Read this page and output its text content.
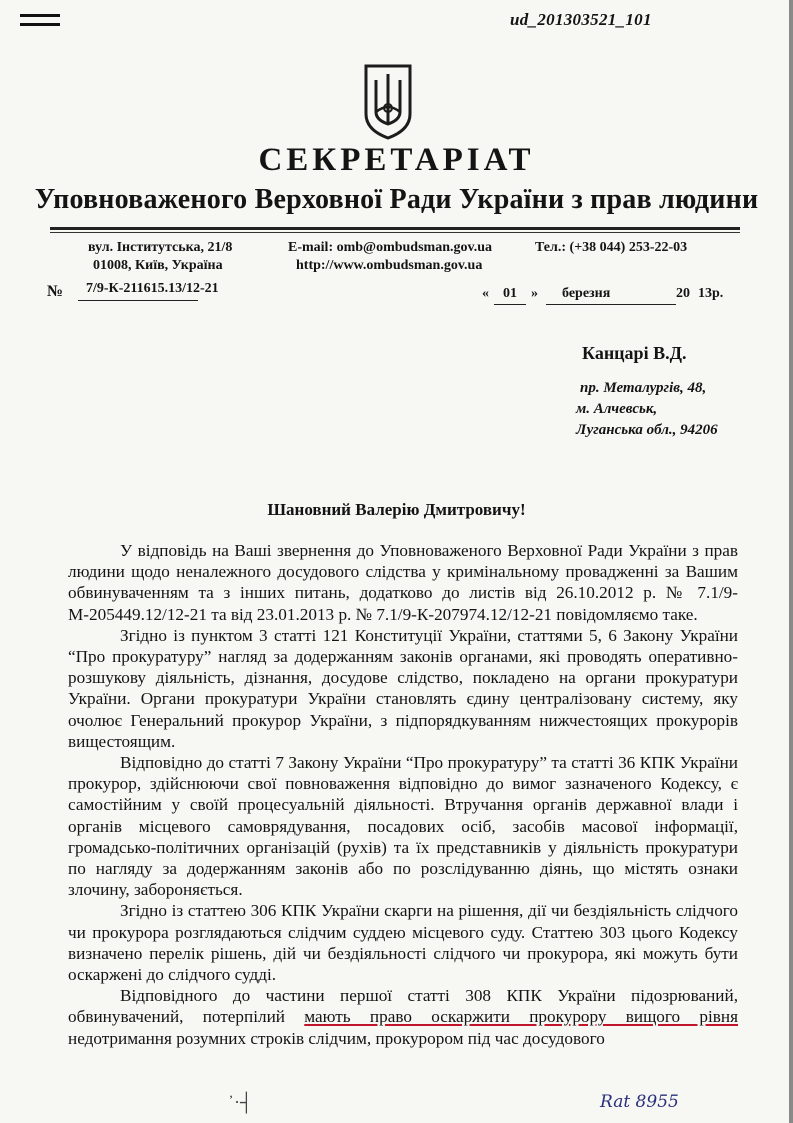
ud_201303521_101
СЕКРЕТАРІАТ
Уповноваженого Верховної Ради України з прав людини
вул. Інститутська, 21/8
01008, Київ, Україна
E-mail: omb@ombudsman.gov.ua
http://www.ombudsman.gov.ua
Тел.: (+38 044) 253-22-03
№ 7/9-К-211615.13/12-21	« 01 » березня	20 13р.
Канцарі В.Д.
пр. Металургів, 48,
м. Алчевськ,
Луганська обл., 94206
Шановний Валерію Дмитровичу!

У відповідь на Ваші звернення до Уповноваженого Верховної Ради України з прав людини щодо неналежного досудового слідства у кримінальному провадженні за Вашим обвинуваченням та з інших питань, додатково до листів від 26.10.2012 р. № 7.1/9-М-205449.12/12-21 та від 23.01.2013 р. № 7.1/9-К-207974.12/12-21 повідомляємо таке.

Згідно із пунктом 3 статті 121 Конституції України, статтями 5, 6 Закону України “Про прокуратуру” нагляд за додержанням законів органами, які проводять оперативно-розшукову діяльність, дізнання, досудове слідство, покладено на органи прокуратури України. Органи прокуратури України становлять єдину централізовану систему, яку очолює Генеральний прокурор України, з підпорядкуванням нижчестоящих прокурорів вищестоящим.

Відповідно до статті 7 Закону України “Про прокуратуру” та статті 36 КПК України прокурор, здійснюючи свої повноваження відповідно до вимог зазначеного Кодексу, є самостійним у своїй процесуальній діяльності. Втручання органів державної влади і органів місцевого самоврядування, посадових осіб, засобів масової інформації, громадсько-політичних організацій (рухів) та їх представників у діяльність прокуратури по нагляду за додержанням законів або по розслідуванню діянь, що містять ознаки злочину, забороняється.

Згідно із статтею 306 КПК України скарги на рішення, дії чи бездіяльність слідчого чи прокурора розглядаються слідчим суддею місцевого суду. Статтею 303 цього Кодексу визначено перелік рішень, дій чи бездіяльності слідчого чи прокурора, які можуть бути оскаржені до слідчого судді.

Відповідного до частини першої статті 308 КПК України підозрюваний, обвинувачений, потерпілий мають право оскаржити прокурору вищого рівня недотримання розумних строків слідчим, прокурором під час досудового

᾿·┤	Rat 8955
